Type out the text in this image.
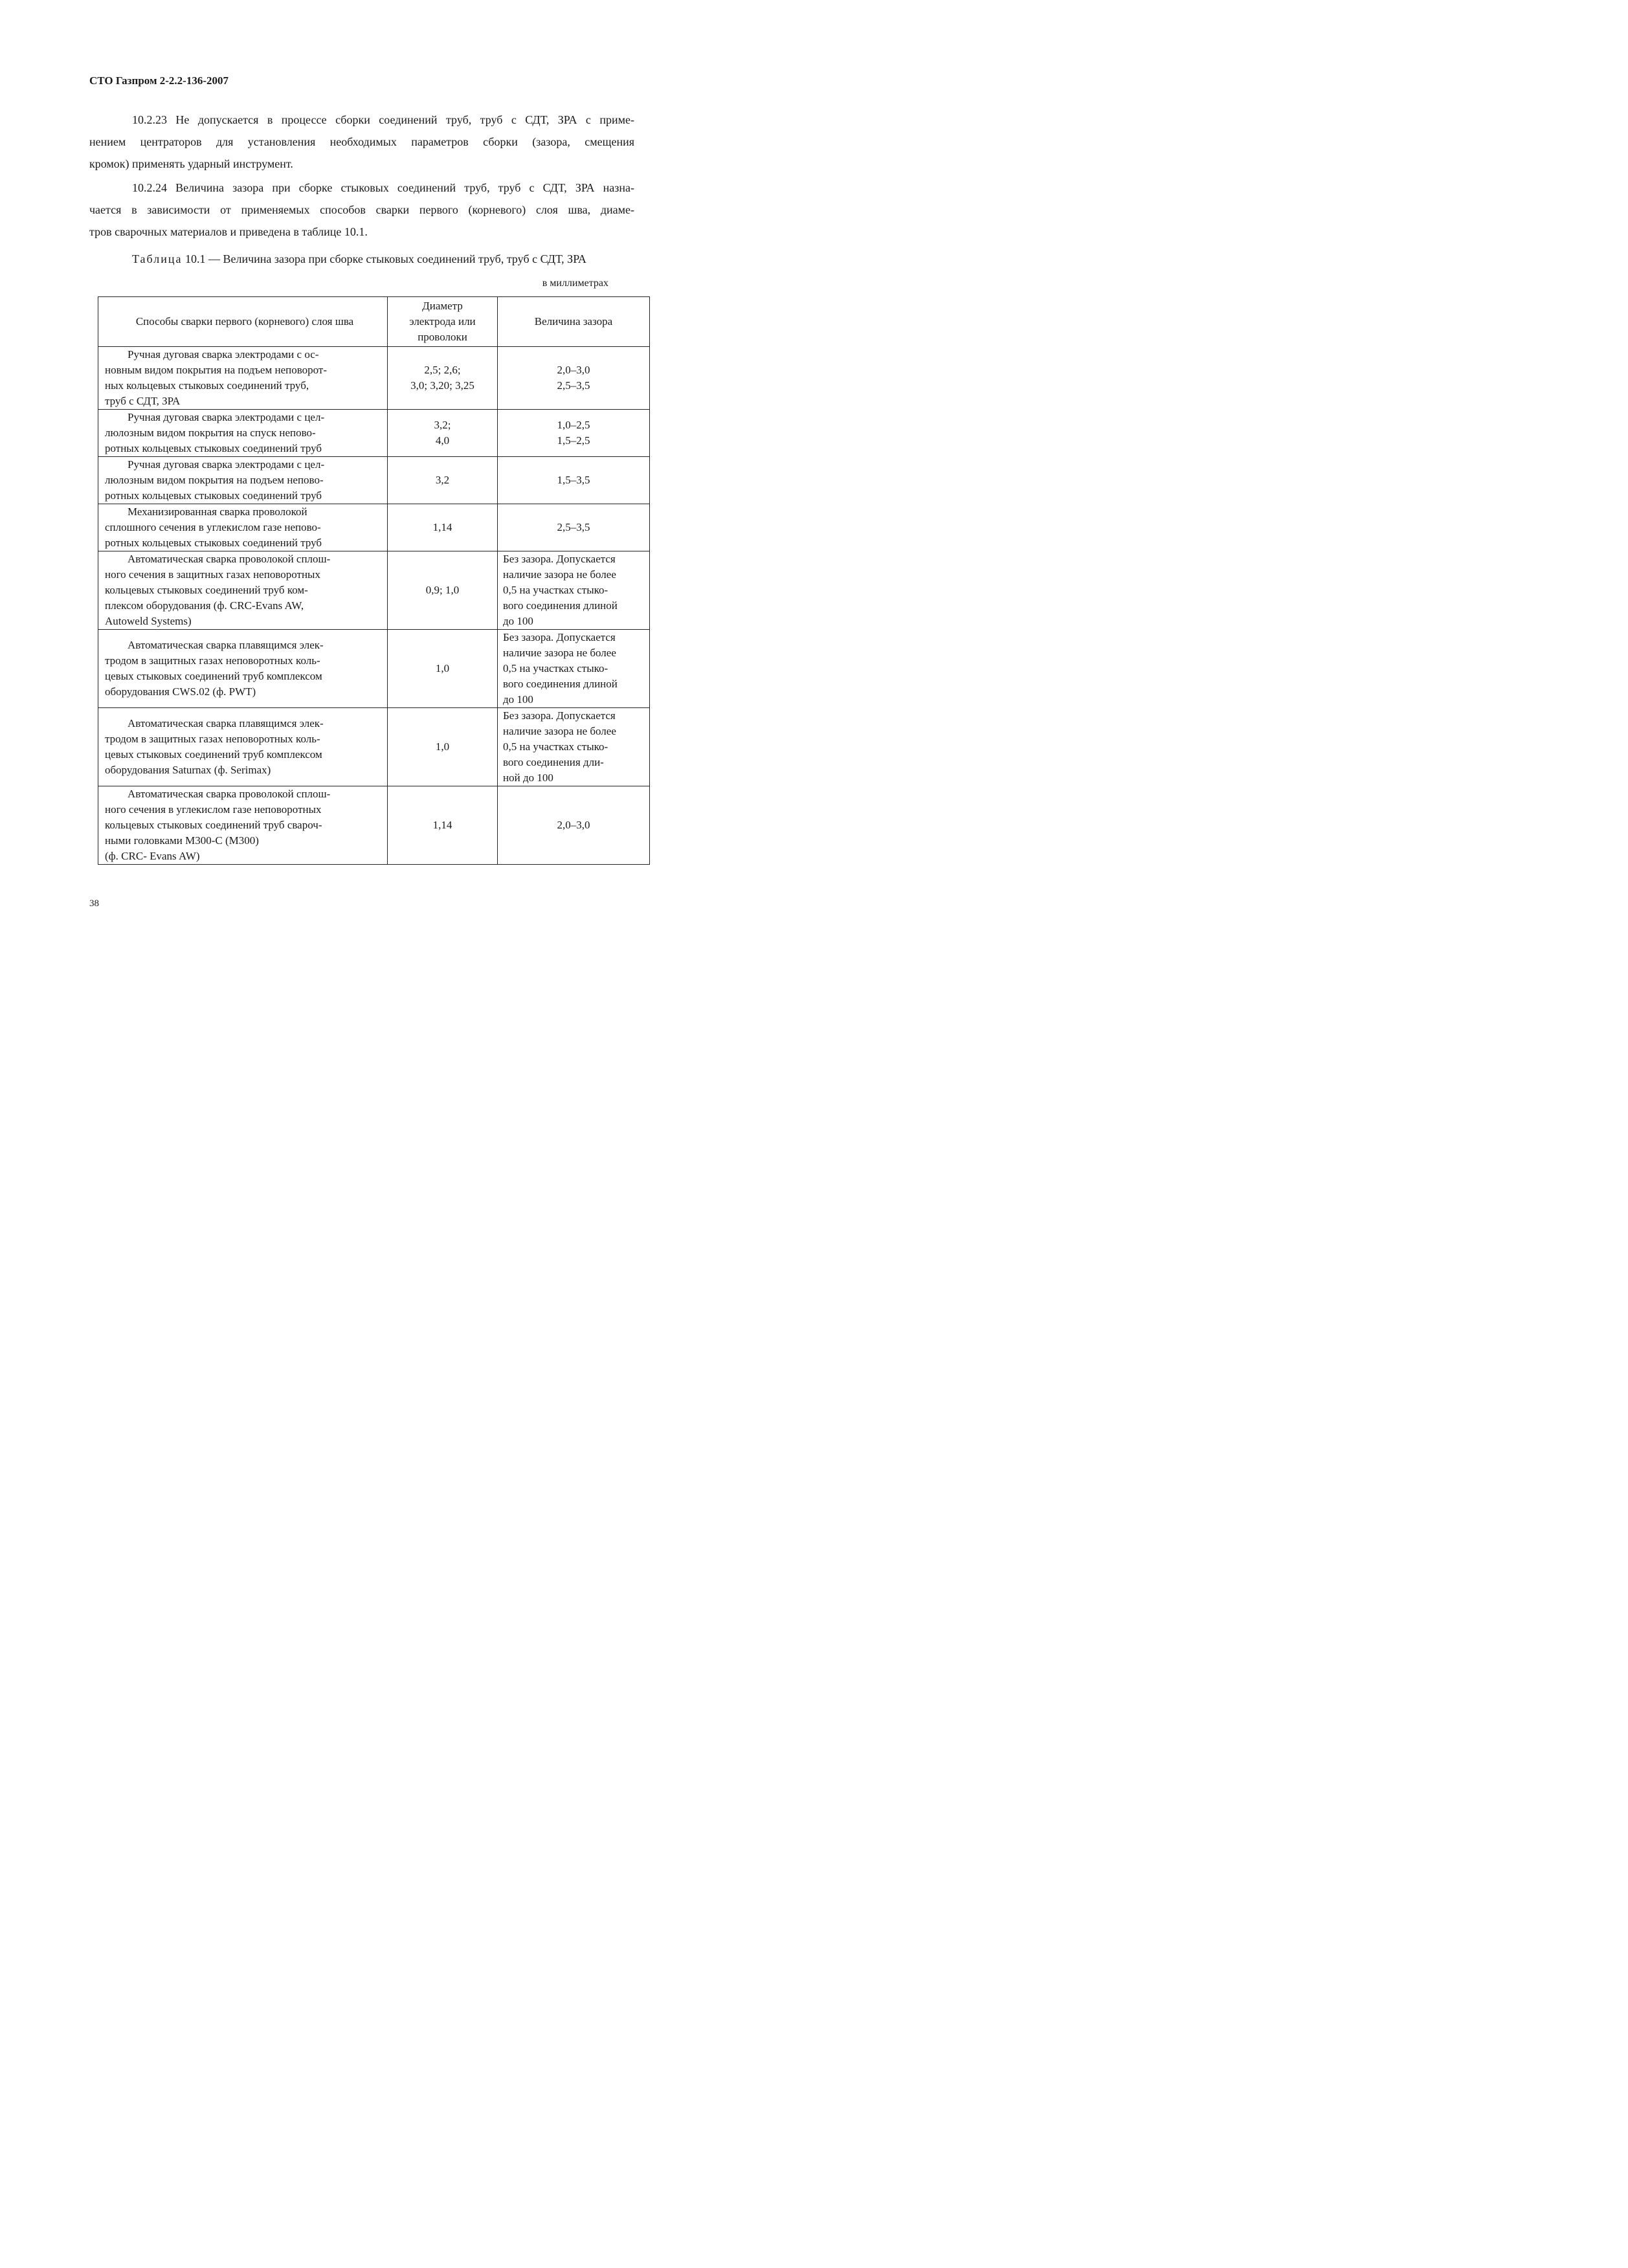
СТО Газпром 2-2.2-136-2007

10.2.23 Не допускается в процессе сборки соединений труб, труб с СДТ, ЗРА с приме-
нением центраторов для установления необходимых параметров сборки (зазора, смещения
кромок) применять ударный инструмент.

10.2.24 Величина зазора при сборке стыковых соединений труб, труб с СДТ, ЗРА назна-
чается в зависимости от применяемых способов сварки первого (корневого) слоя шва, диаме-
тров сварочных материалов и приведена в таблице 10.1.

Таблица 10.1 — Величина зазора при сборке стыковых соединений труб, труб с СДТ, ЗРА
в миллиметрах
Способы сварки первого (корневого) слоя шва	Диаметр
электрода или
проволоки	Величина зазора

Ручная дуговая сварка электродами с ос-
новным видом покрытия на подъем неповорот-
ных кольцевых стыковых соединений труб,
труб с СДТ, ЗРА	2,5; 2,6;
3,0; 3,20; 3,25	2,0–3,0
2,5–3,5

Ручная дуговая сварка электродами с цел-
люлозным видом покрытия на спуск непово-
ротных кольцевых стыковых соединений труб	3,2;
4,0	1,0–2,5
1,5–2,5

Ручная дуговая сварка электродами с цел-
люлозным видом покрытия на подъем непово-
ротных кольцевых стыковых соединений труб	3,2	1,5–3,5

Механизированная сварка проволокой
сплошного сечения в углекислом газе непово-
ротных кольцевых стыковых соединений труб	1,14	2,5–3,5

Автоматическая сварка проволокой сплош-
ного сечения в защитных газах неповоротных
кольцевых стыковых соединений труб ком-
плексом оборудования (ф. CRC-Evans AW,
Autoweld Systems)	0,9; 1,0	Без зазора. Допускается
наличие зазора не более
0,5 на участках стыко-
вого соединения длиной
до 100

Автоматическая сварка плавящимся элек-
тродом в защитных газах неповоротных коль-
цевых стыковых соединений труб комплексом
оборудования CWS.02 (ф. PWT)	1,0	Без зазора. Допускается
наличие зазора не более
0,5 на участках стыко-
вого соединения длиной
до 100

Автоматическая сварка плавящимся элек-
тродом в защитных газах неповоротных коль-
цевых стыковых соединений труб комплексом
оборудования Saturnax (ф. Serimax)	1,0	Без зазора. Допускается
наличие зазора не более
0,5 на участках стыко-
вого соединения дли-
ной до 100

Автоматическая сварка проволокой сплош-
ного сечения в углекислом газе неповоротных
кольцевых стыковых соединений труб свароч-
ными головками М300-С (М300)
(ф. CRC- Evans AW)	1,14	2,0–3,0
38
